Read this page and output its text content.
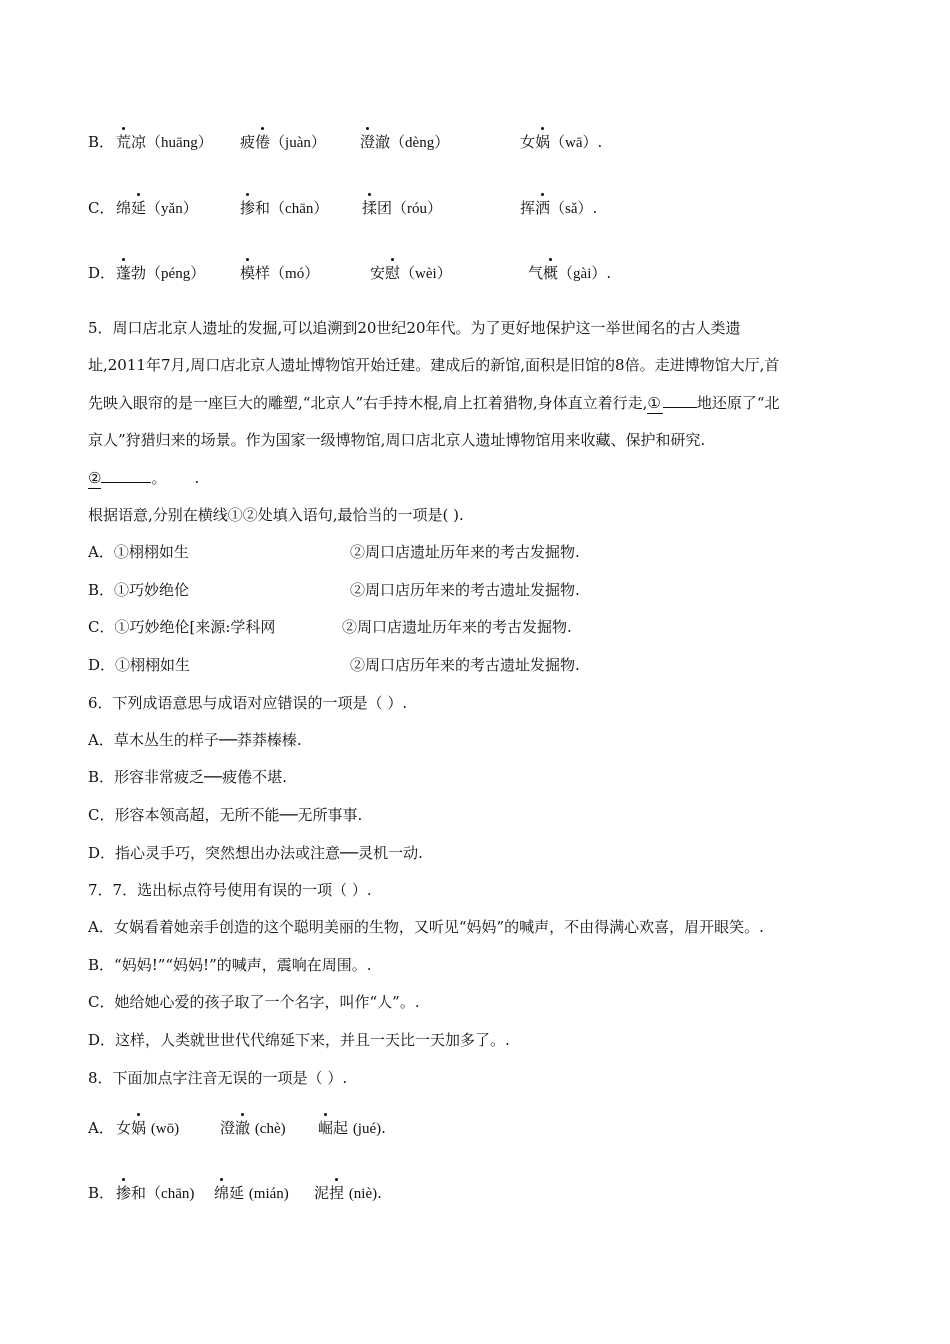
B． 荒凉（huāng） 疲倦（juàn） 澄澈（dèng）	女娲（wā）.
C． 绵延（yǎn）	掺和（chān） 揉团（róu）	挥洒（sǎ）.
D． 蓬勃（péng） 模样（mó）	安慰（wèi）	气概（gài）.
5．周口店北京人遗址的发掘,可以追溯到20世纪20年代。为了更好地保护这一举世闻名的古人类遗
址,2011年7月,周口店北京人遗址博物馆开始迁建。建成后的新馆,面积是旧馆的8倍。走进博物馆大厅,首
先映入眼帘的是一座巨大的雕塑,“北京人”右手持木棍,肩上扛着猎物,身体直立着行走,① 地还原了“北
京人”狩猎归来的场景。作为国家一级博物馆,周口店北京人遗址博物馆用来收藏、保护和研究.
②	。 .
根据语意,分别在横线①②处填入语句,最恰当的一项是( ).
A．①栩栩如生	②周口店遗址历年来的考古发掘物.
B．①巧妙绝伦	②周口店历年来的考古遗址发掘物.
C．①巧妙绝伦[来源:学科网	②周口店遗址历年来的考古发掘物.
D．①栩栩如生	②周口店历年来的考古遗址发掘物.
6．下列成语意思与成语对应错误的一项是（ ）.
A．草木丛生的样子──莽莽榛榛.
B．形容非常疲乏──疲倦不堪.
C．形容本领高超，无所不能──无所事事.
D．指心灵手巧，突然想出办法或注意──灵机一动.
7．7．选出标点符号使用有误的一项（ ）.
A．女娲看着她亲手创造的这个聪明美丽的生物，又听见“妈妈”的喊声，不由得满心欢喜，眉开眼笑。.
B．“妈妈!”“妈妈!”的喊声，震响在周围。.
C．她给她心爱的孩子取了一个名字，叫作“人”。.
D．这样，人类就世世代代绵延下来，并且一天比一天加多了。.
8．下面加点字注音无误的一项是（ ）.
A． 女娲 (wō)	澄澈 (chè) 崛起 (jué).
B． 掺和（chān) 绵延 (mián) 泥捏 (niè).
